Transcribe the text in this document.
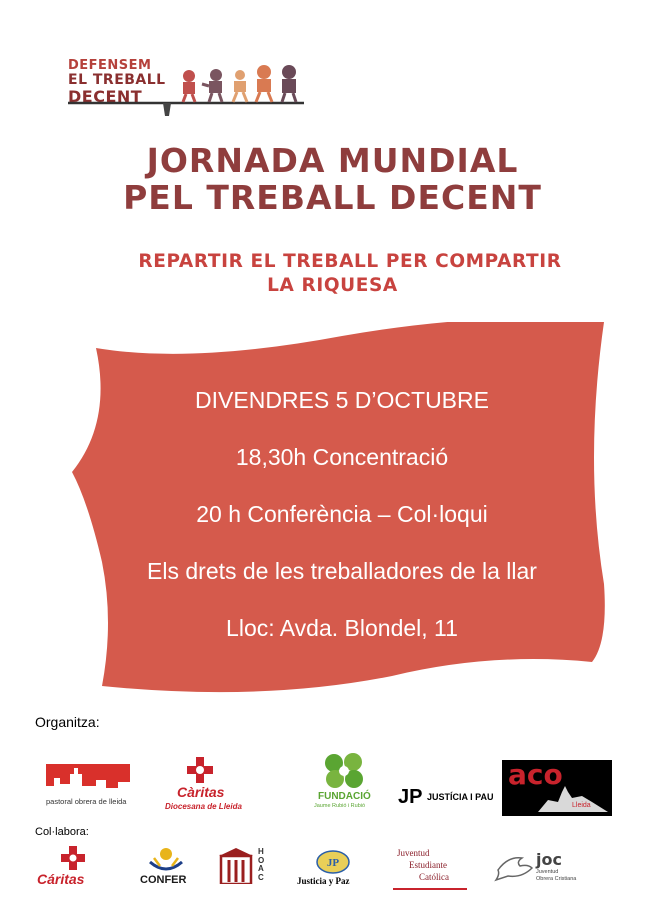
DEFENSEM
EL TREBALL
DECENT
JORNADA MUNDIAL
PEL TREBALL DECENT
REPARTIR EL TREBALL PER COMPARTIR
LA RIQUESA
DIVENDRES 5 D’OCTUBRE
18,30h Concentració
20 h Conferència – Col·loqui
Els drets de les treballadores de la llar
Lloc: Avda. Blondel, 11
Organitza:
pastoral obrera de lleida
Càritas
Diocesana de Lleida
FUNDACIÓ
Jaume Rubió i Rubió JP JUSTÍCIA I PAU
aco
Lleida
Col·labora:
Cáritas	CONFER
HOAC
JP
Justicia y Paz
Juventud
Estudiante
Católica
joc
Juventud
Obrera Cristiana
